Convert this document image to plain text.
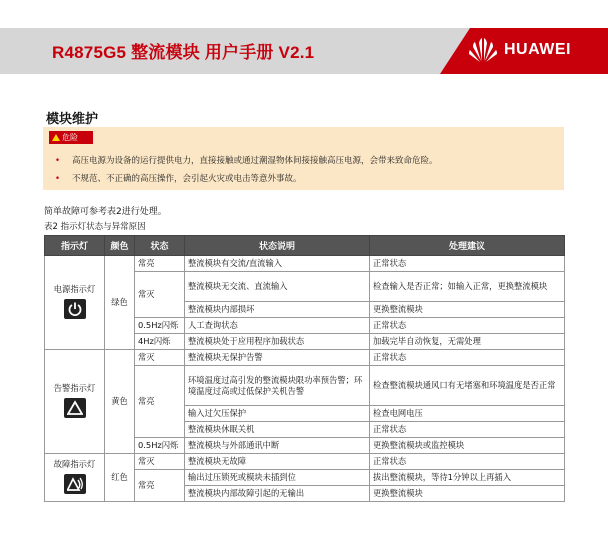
R4875G5 整流模块 用户手册 V2.1	HUAWEI
模块维护
危险
• 高压电源为设备的运行提供电力，直接接触或通过潮湿物体间接接触高压电源，会带来致命危险。
• 不规范、不正确的高压操作，会引起火灾或电击等意外事故。
简单故障可参考表2进行处理。
表2 指示灯状态与异常原因
指示灯	颜色	状态	状态说明	处理建议

电源指示灯	绿色	常亮	整流模块有交流/直流输入	正常状态
		常灭	整流模块无交流、直流输入	检查输入是否正常；如输入正常，更换整流模块
			整流模块内部损坏	更换整流模块
		0.5Hz闪烁	人工查询状态	正常状态
		4Hz闪烁	整流模块处于应用程序加载状态	加载完毕自动恢复，无需处理

告警指示灯	黄色	常灭	整流模块无保护告警	正常状态
		常亮	环境温度过高引发的整流模块限功率预告警；环境温度过高或过低保护关机告警	检查整流模块通风口有无堵塞和环境温度是否正常
			输入过欠压保护	检查电网电压
			整流模块休眠关机	正常状态
		0.5Hz闪烁	整流模块与外部通讯中断	更换整流模块或监控模块

故障指示灯	红色	常灭	整流模块无故障	正常状态
		常亮	输出过压锁死或模块未插到位	拔出整流模块，等待1分钟以上再插入
			整流模块内部故障引起的无输出	更换整流模块
